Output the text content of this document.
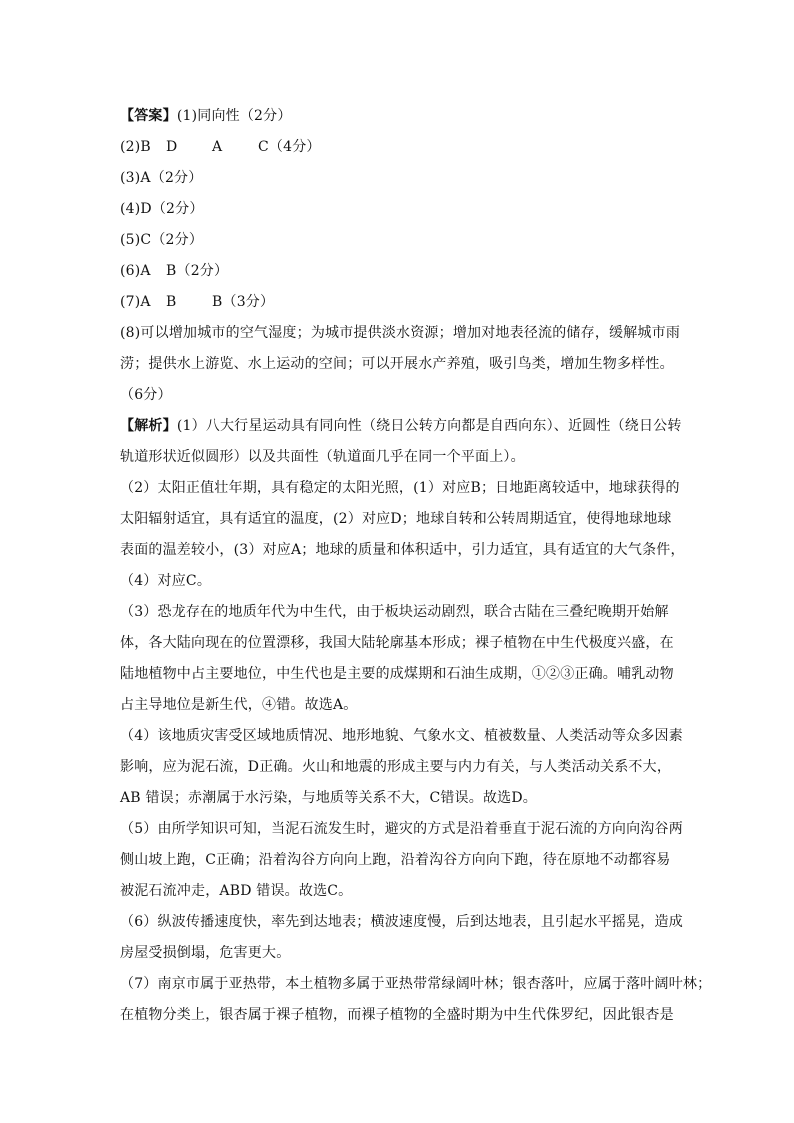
【答案】(1)同向性（2分）
(2)B D A	C（4分）
(3)A（2分）
(4)D（2分）
(5)C（2分）
(6)A B（2分）
(7)A B	B（3分）
(8)可以增加城市的空气湿度；为城市提供淡水资源；增加对地表径流的储存，缓解城市雨
涝；提供水上游览、水上运动的空间；可以开展水产养殖，吸引鸟类，增加生物多样性。
（6分）
【解析】(1）八大行星运动具有同向性（绕日公转方向都是自西向东）、近圆性（绕日公转
轨道形状近似圆形）以及共面性（轨道面几乎在同一个平面上）。
（2）太阳正值壮年期，具有稳定的太阳光照，(1）对应B；日地距离较适中，地球获得的
太阳辐射适宜，具有适宜的温度，(2）对应D；地球自转和公转周期适宜，使得地球地球
表面的温差较小，(3）对应A；地球的质量和体积适中，引力适宜，具有适宜的大气条件，
（4）对应C。
（3）恐龙存在的地质年代为中生代，由于板块运动剧烈，联合古陆在三叠纪晚期开始解
体，各大陆向现在的位置漂移，我国大陆轮廓基本形成；裸子植物在中生代极度兴盛，在
陆地植物中占主要地位，中生代也是主要的成煤期和石油生成期，①②③正确。哺乳动物
占主导地位是新生代，④错。故选A。
（4）该地质灾害受区域地质情况、地形地貌、气象水文、植被数量、人类活动等众多因素
影响，应为泥石流，D正确。火山和地震的形成主要与内力有关，与人类活动关系不大，
AB 错误；赤潮属于水污染，与地质等关系不大，C错误。故选D。
（5）由所学知识可知，当泥石流发生时，避灾的方式是沿着垂直于泥石流的方向向沟谷两
侧山坡上跑，C正确；沿着沟谷方向向上跑，沿着沟谷方向向下跑，待在原地不动都容易
被泥石流冲走，ABD 错误。故选C。
（6）纵波传播速度快，率先到达地表；横波速度慢，后到达地表，且引起水平摇晃，造成
房屋受损倒塌，危害更大。
（7）南京市属于亚热带，本土植物多属于亚热带常绿阔叶林；银杏落叶，应属于落叶阔叶林；
在植物分类上，银杏属于裸子植物，而裸子植物的全盛时期为中生代侏罗纪，因此银杏是
